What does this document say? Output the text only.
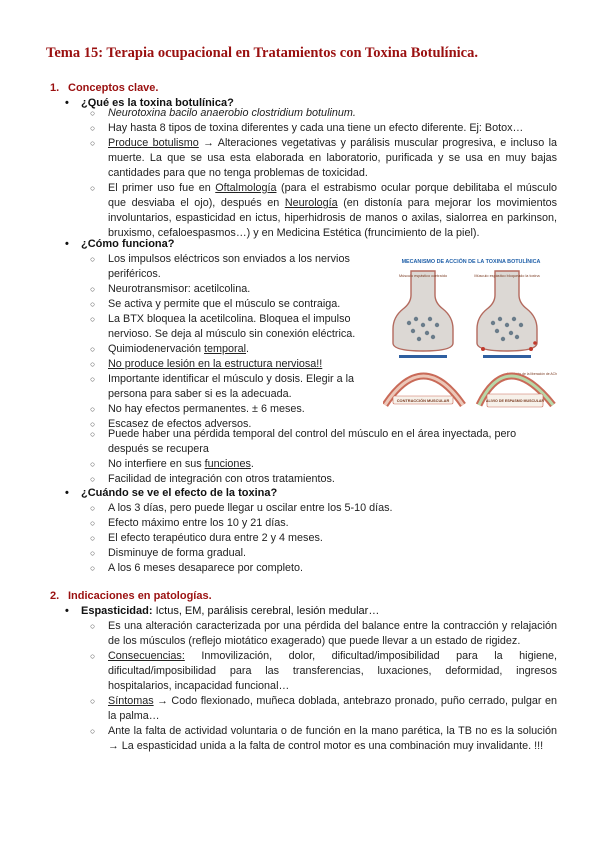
Tema 15: Terapia ocupacional en Tratamientos con Toxina Botulínica.

1. Conceptos clave.

• ¿Qué es la toxina botulínica?

○ Neurotoxina bacilo anaerobio clostridium botulinum.
○ Hay hasta 8 tipos de toxina diferentes y cada una tiene un efecto diferente. Ej: Botox…
○ Produce botulismo → Alteraciones vegetativas y parálisis muscular progresiva, e incluso la muerte. La que se usa esta elaborada en laboratorio, purificada y se usa en muy bajas cantidades para que no tenga problemas de toxicidad.
○ El primer uso fue en Oftalmología (para el estrabismo ocular porque debilitaba el músculo que desviaba el ojo), después en Neurología (en distonía para mejorar los movimientos involuntarios, espasticidad en ictus, hiperhidrosis de manos o axilas, sialorrea en parkinson, bruxismo, cefaloespasmos…) y en Medicina Estética (fruncimiento de la piel).

• ¿Cómo funciona?

○ Los impulsos eléctricos son enviados a los nervios periféricos.
○ Neurotransmisor: acetilcolina.
○ Se activa y permite que el músculo se contraiga.
○ La BTX bloquea la acetilcolina. Bloquea el impulso nervioso. Se deja al músculo sin conexión eléctrica.
○ Quimiodenervación temporal.
○ No produce lesión en la estructura nerviosa!!
○ Importante identificar el músculo y dosis. Elegir a la persona para saber si es la adecuada.
○ No hay efectos permanentes. ± 6 meses.
○ Escasez de efectos adversos.
○ Puede haber una pérdida temporal del control del músculo en el área inyectada, pero después se recupera
○ No interfiere en sus funciones.
○ Facilidad de integración con otros tratamientos.

• ¿Cuándo se ve el efecto de la toxina?

○ A los 3 días, pero puede llegar u oscilar entre los 5-10 días.
○ Efecto máximo entre los 10 y 21 días.
○ El efecto terapéutico dura entre 2 y 4 meses.
○ Disminuye de forma gradual.
○ A los 6 meses desaparece por completo.

2. Indicaciones en patologías.

• Espasticidad: Ictus, EM, parálisis cerebral, lesión medular…

○ Es una alteración caracterizada por una pérdida del balance entre la contracción y relajación de los músculos (reflejo miotático exagerado) que puede llevar a un estado de rigidez.
○ Consecuencias: Inmovilización, dolor, dificultad/imposibilidad para la higiene, dificultad/imposibilidad para las transferencias, luxaciones, deformidad, ingresos hospitalarios, incapacidad funcional…
○ Síntomas → Codo flexionado, muñeca doblada, antebrazo pronado, puño cerrado, pulgar en la palma…
○ Ante la falta de actividad voluntaria o de función en la mano parética, la TB no es la solución → La espasticidad unida a la falta de control motor es una combinación muy invalidante. !!!
MECANISMO DE ACCIÓN DE LA TOXINA BOTULÍNICA
Músculo espástico contraído	Músculo espástico bloqueado la toxina
Inhibición de la liberación de ACh
CONTRACCIÓN MUSCULAR	ALIVIO DE ESPASMO MUSCULAR
